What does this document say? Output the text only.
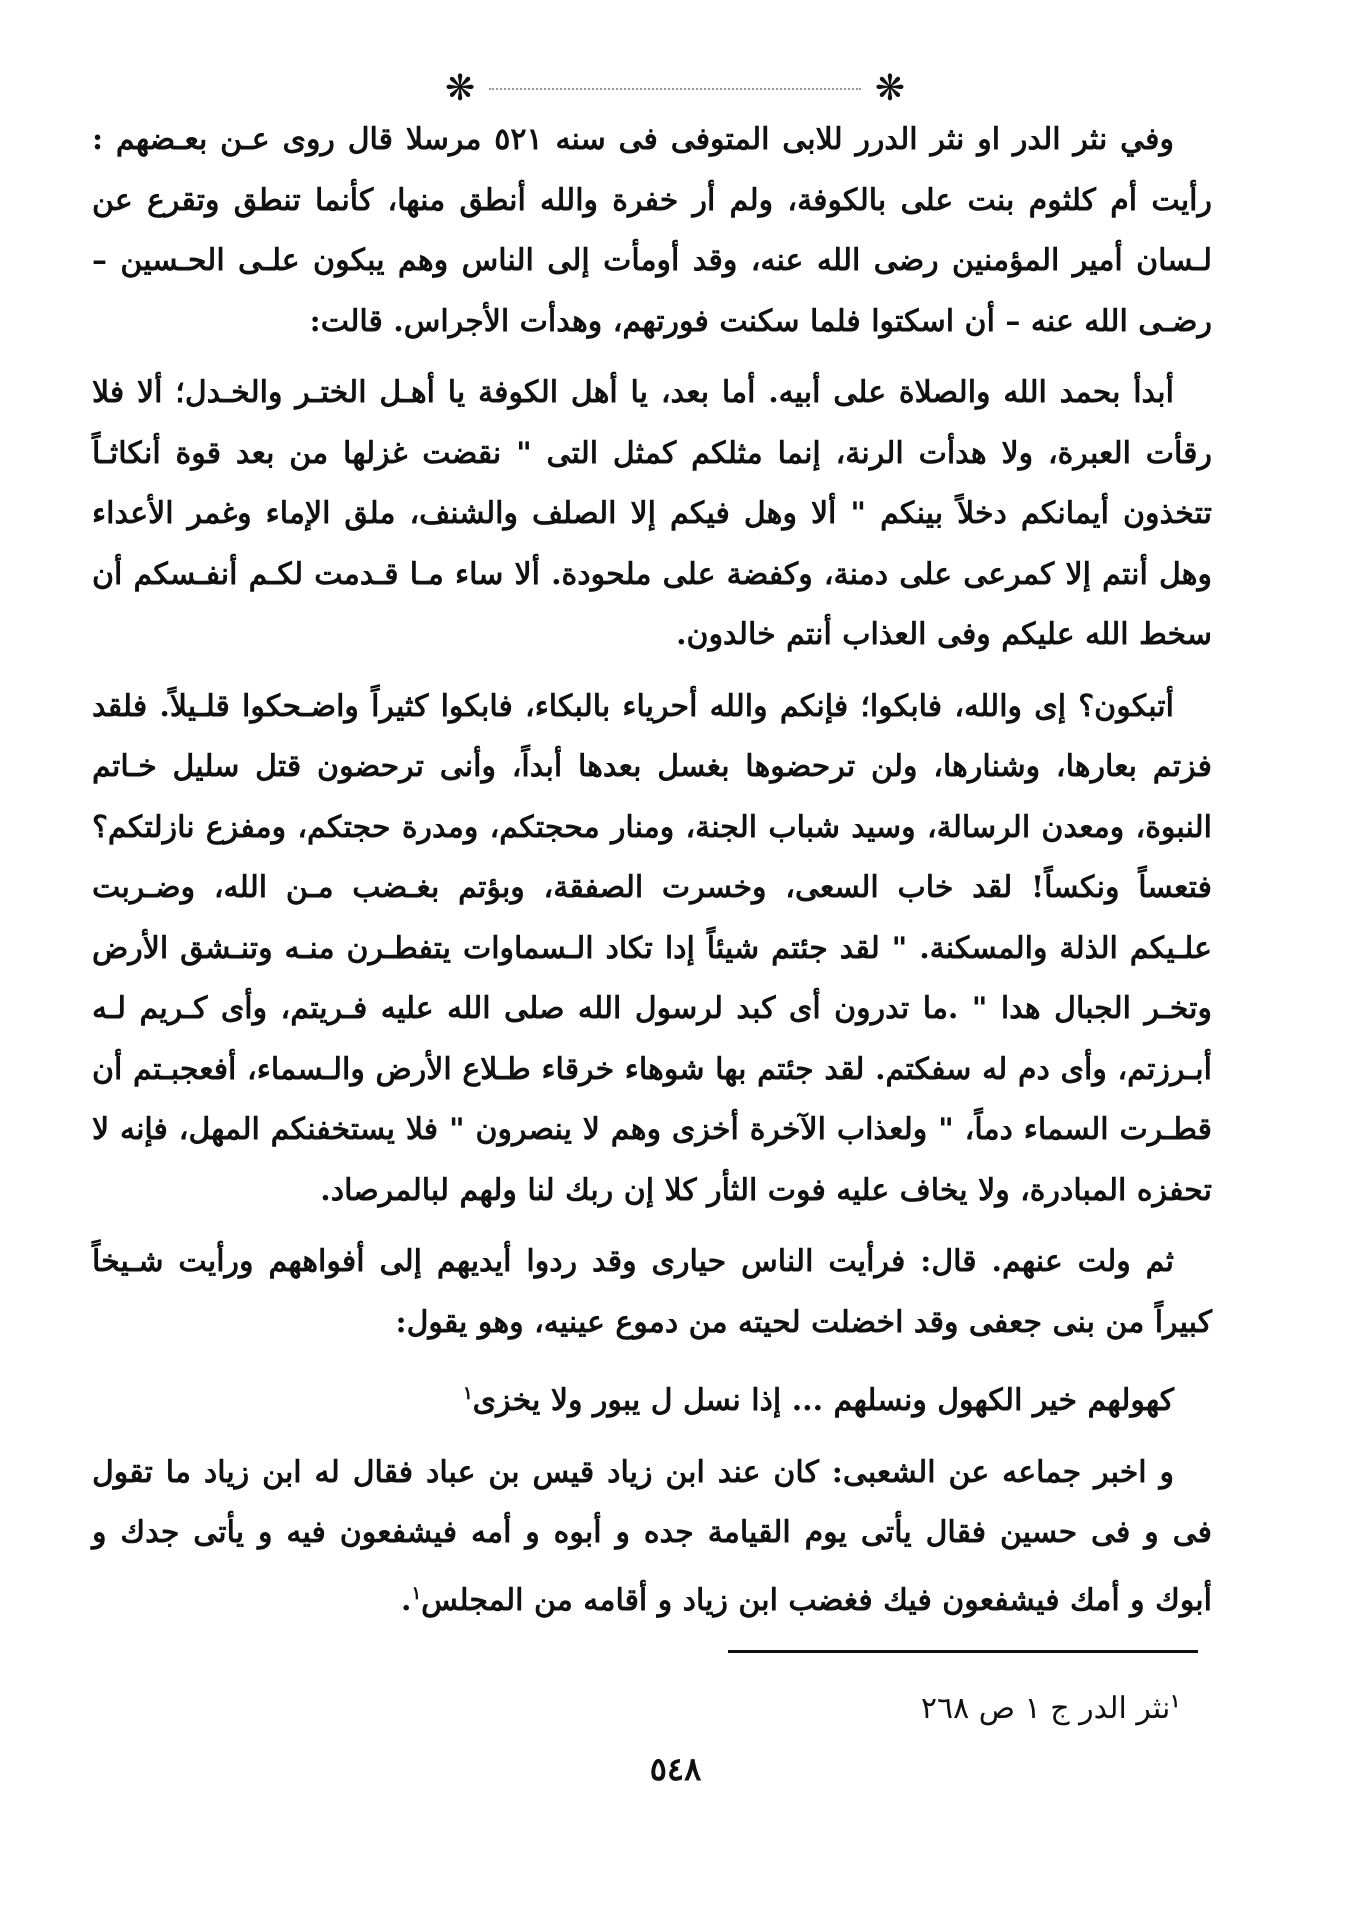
❋	❋

وفي نثر الدر او نثر الدرر للابى المتوفى فى سنه ٥٢١ مرسلا قال روى عـن بعـضهم : رأيت أم كلثوم بنت على بالكوفة، ولم أر خفرة والله أنطق منها، كأنما تنطق وتقرع عن لـسان أمير المؤمنين رضى الله عنه، وقد أومأت إلى الناس وهم يبكون علـى الحـسين – رضـى الله عنه – أن اسكتوا فلما سكنت فورتهم، وهدأت الأجراس. قالت:

أبدأ بحمد الله والصلاة على أبيه. أما بعد، يا أهل الكوفة يا أهـل الختـر والخـدل؛ ألا فلا رقأت العبرة، ولا هدأت الرنة، إنما مثلكم كمثل التى " نقضت غزلها من بعد قوة أنكاثـاً تتخذون أيمانكم دخلاً بينكم " ألا وهل فيكم إلا الصلف والشنف، ملق الإماء وغمر الأعداء وهل أنتم إلا كمرعى على دمنة، وكفضة على ملحودة. ألا ساء مـا قـدمت لكـم أنفـسكم أن سخط الله عليكم وفى العذاب أنتم خالدون.

أتبكون؟ إى والله، فابكوا؛ فإنكم والله أحرياء بالبكاء، فابكوا كثيراً واضـحكوا قلـيلاً. فلقد فزتم بعارها، وشنارها، ولن ترحضوها بغسل بعدها أبداً، وأنى ترحضون قتل سليل خـاتم النبوة، ومعدن الرسالة، وسيد شباب الجنة، ومنار محجتكم، ومدرة حجتكم، ومفزع نازلتكم؟ فتعساً ونكساً! لقد خاب السعى، وخسرت الصفقة، وبؤتم بغـضب مـن الله، وضـربت علـيكم الذلة والمسكنة. " لقد جئتم شيئاً إدا تكاد الـسماوات يتفطـرن منـه وتنـشق الأرض وتخـر الجبال هدا " .ما تدرون أى كبد لرسول الله صلى الله عليه فـريتم، وأى كـريم لـه أبـرزتم، وأى دم له سفكتم. لقد جئتم بها شوهاء خرقاء طـلاع الأرض والـسماء، أفعجبـتم أن قطـرت السماء دماً، " ولعذاب الآخرة أخزى وهم لا ينصرون " فلا يستخفنكم المهل، فإنه لا تحفزه المبادرة، ولا يخاف عليه فوت الثأر كلا إن ربك لنا ولهم لبالمرصاد.

ثم ولت عنهم. قال: فرأيت الناس حيارى وقد ردوا أيديهم إلى أفواههم ورأيت شـيخاً كبيراً من بنى جعفى وقد اخضلت لحيته من دموع عينيه، وهو يقول:

كهولهم خير الكهول ونسلهم ... إذا نسل ل يبور ولا يخزى$^١$

و اخبر جماعه عن الشعبى: كان عند ابن زياد قيس بن عباد فقال له ابن زياد ما تقول فى و فى حسين فقال يأتى يوم القيامة جده و أبوه و أمه فيشفعون فيه و يأتى جدك و أبوك و أمك فيشفعون فيك فغضب ابن زياد و أقامه من المجلس$^١$.

$^١$نثر الدر ج ١ ص ٢٦٨
٥٤٨
